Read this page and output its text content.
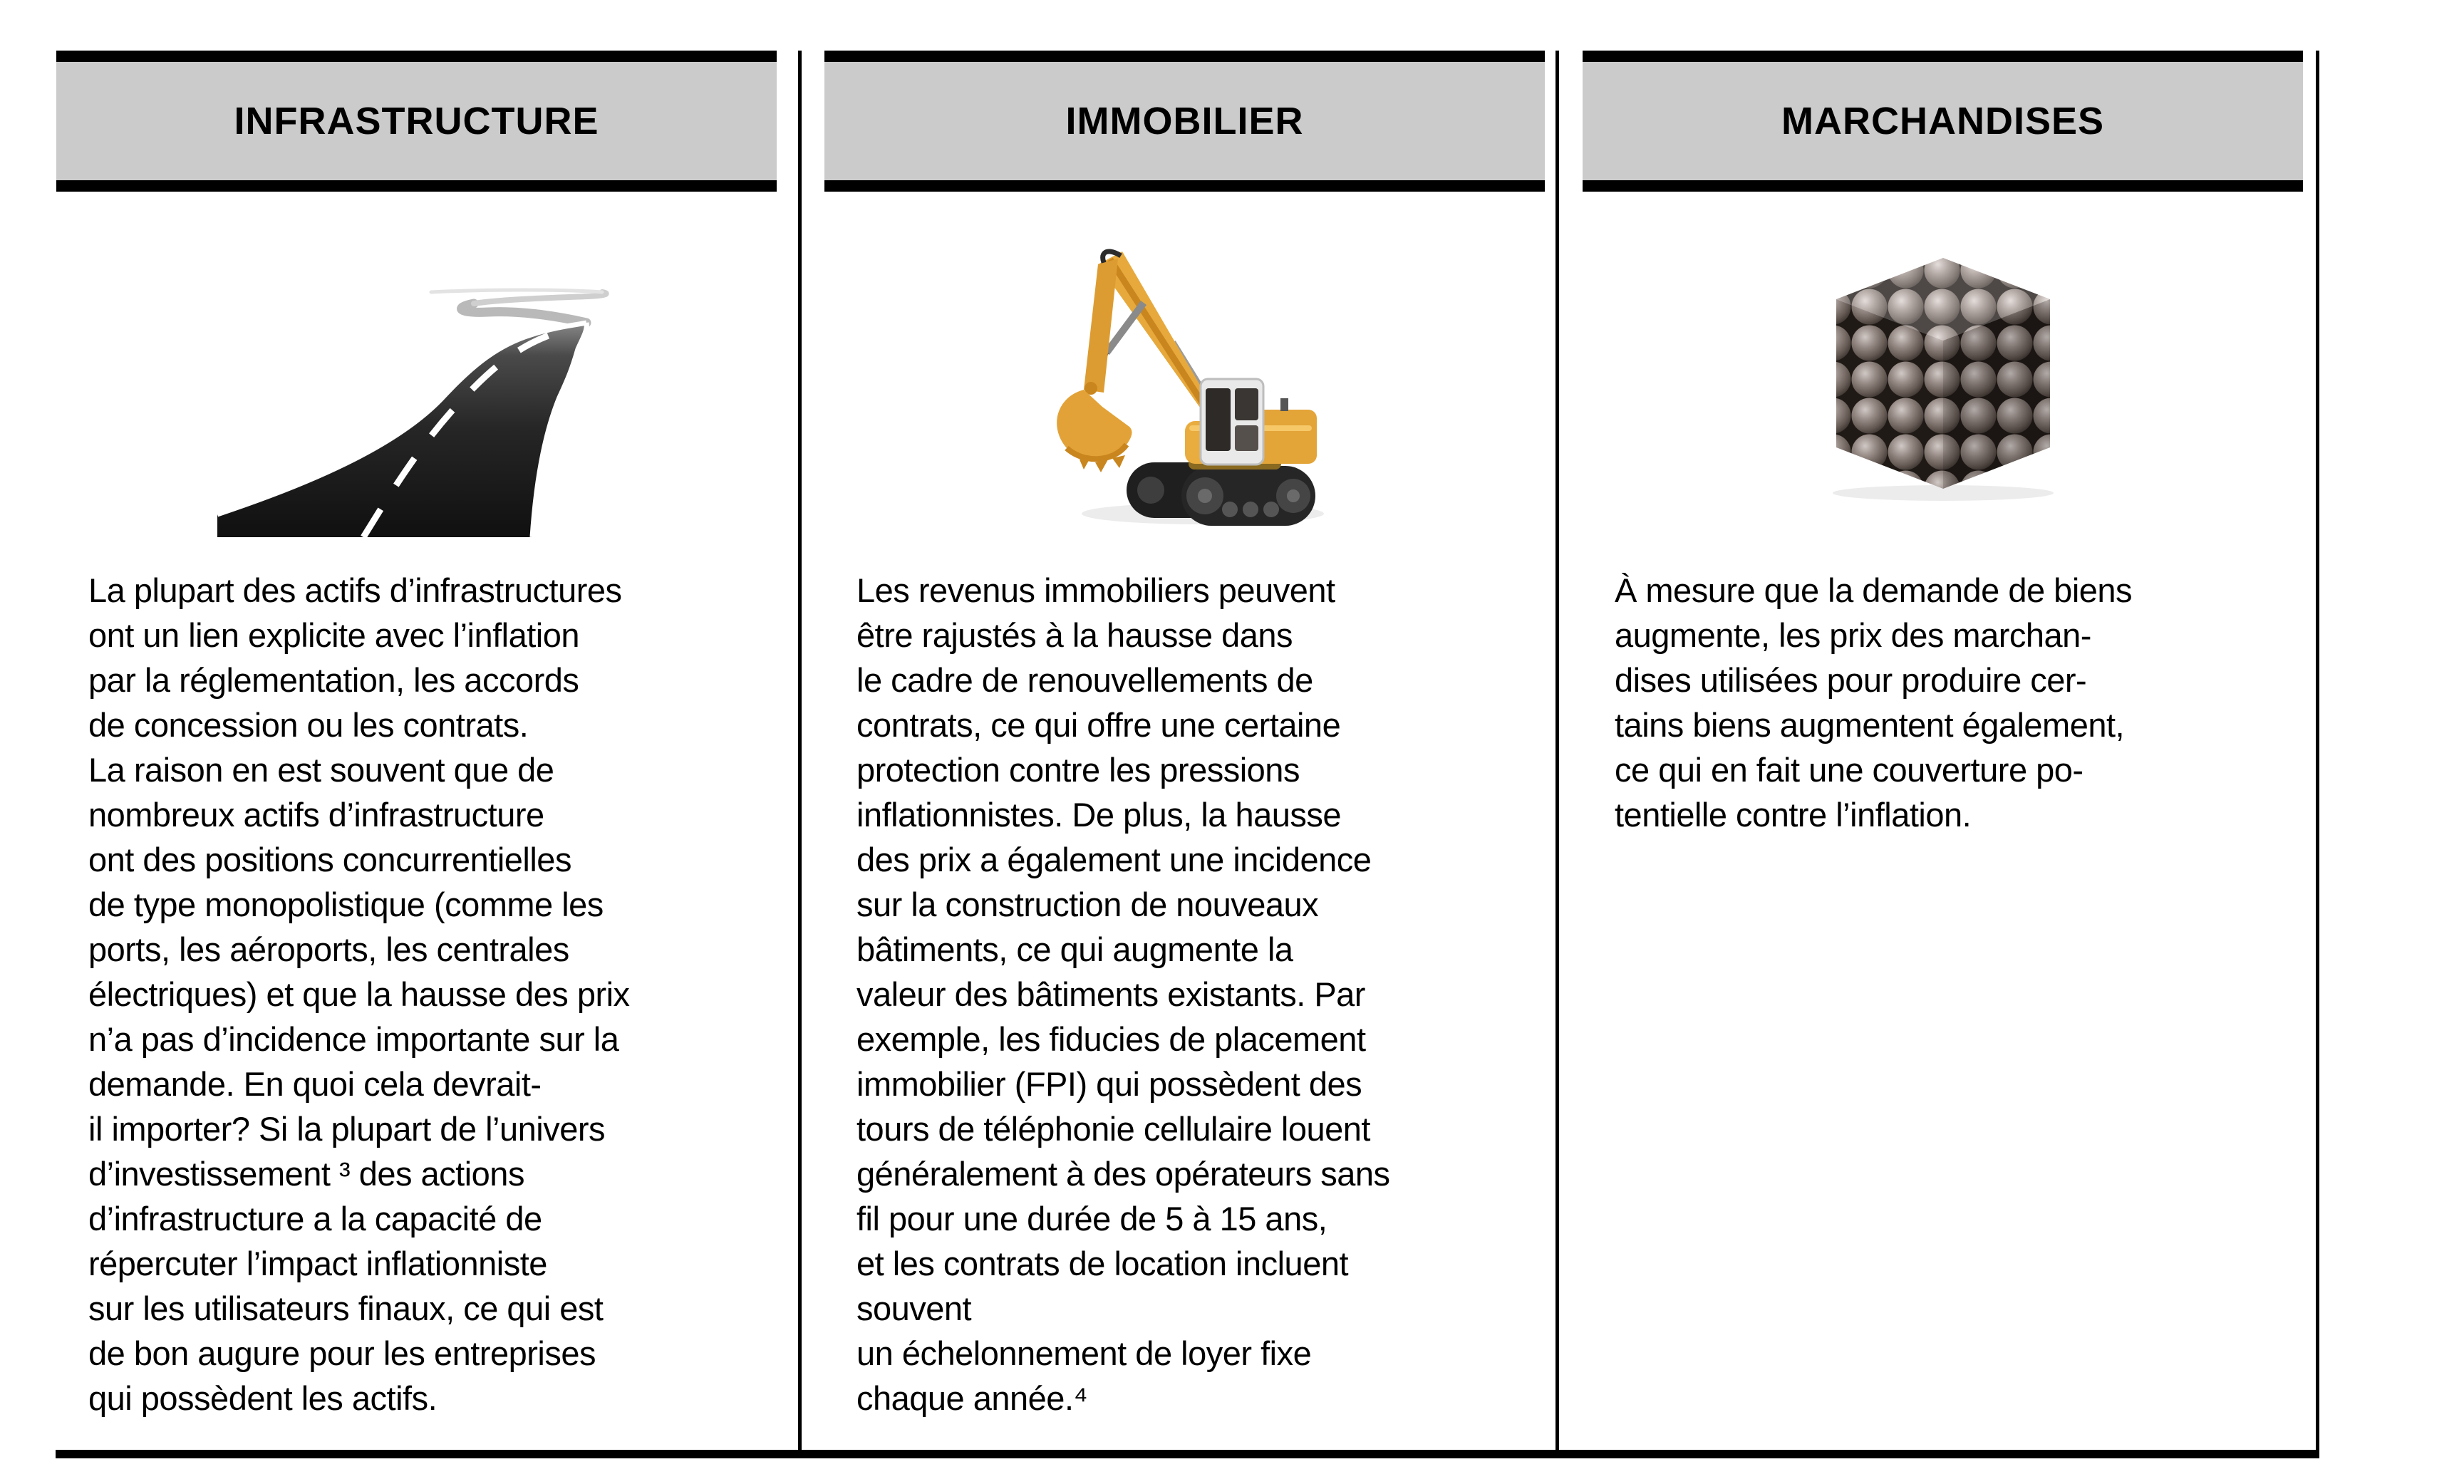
INFRASTRUCTURE
La plupart des actifs d’infrastructures
ont un lien explicite avec l’inflation
par la réglementation, les accords
de concession ou les contrats.
La raison en est souvent que de
nombreux actifs d’infrastructure
ont des positions concurrentielles
de type monopolistique (comme les
ports, les aéroports, les centrales
électriques) et que la hausse des prix
n’a pas d’incidence importante sur la
demande. En quoi cela devrait-
il importer? Si la plupart de l’univers
d’investissement ³ des actions
d’infrastructure a la capacité de
répercuter l’impact inflationniste
sur les utilisateurs finaux, ce qui est
de bon augure pour les entreprises
qui possèdent les actifs.
IMMOBILIER
Les revenus immobiliers peuvent
être rajustés à la hausse dans
le cadre de renouvellements de
contrats, ce qui offre une certaine
protection contre les pressions
inflationnistes. De plus, la hausse
des prix a également une incidence
sur la construction de nouveaux
bâtiments, ce qui augmente la
valeur des bâtiments existants. Par
exemple, les fiducies de placement
immobilier (FPI) qui possèdent des
tours de téléphonie cellulaire louent
généralement à des opérateurs sans
fil pour une durée de 5 à 15 ans,
et les contrats de location incluent
souvent
un échelonnement de loyer fixe
chaque année.⁴
MARCHANDISES
À mesure que la demande de biens
augmente, les prix des marchan-
dises utilisées pour produire cer-
tains biens augmentent également,
ce qui en fait une couverture po-
tentielle contre l’inflation.
